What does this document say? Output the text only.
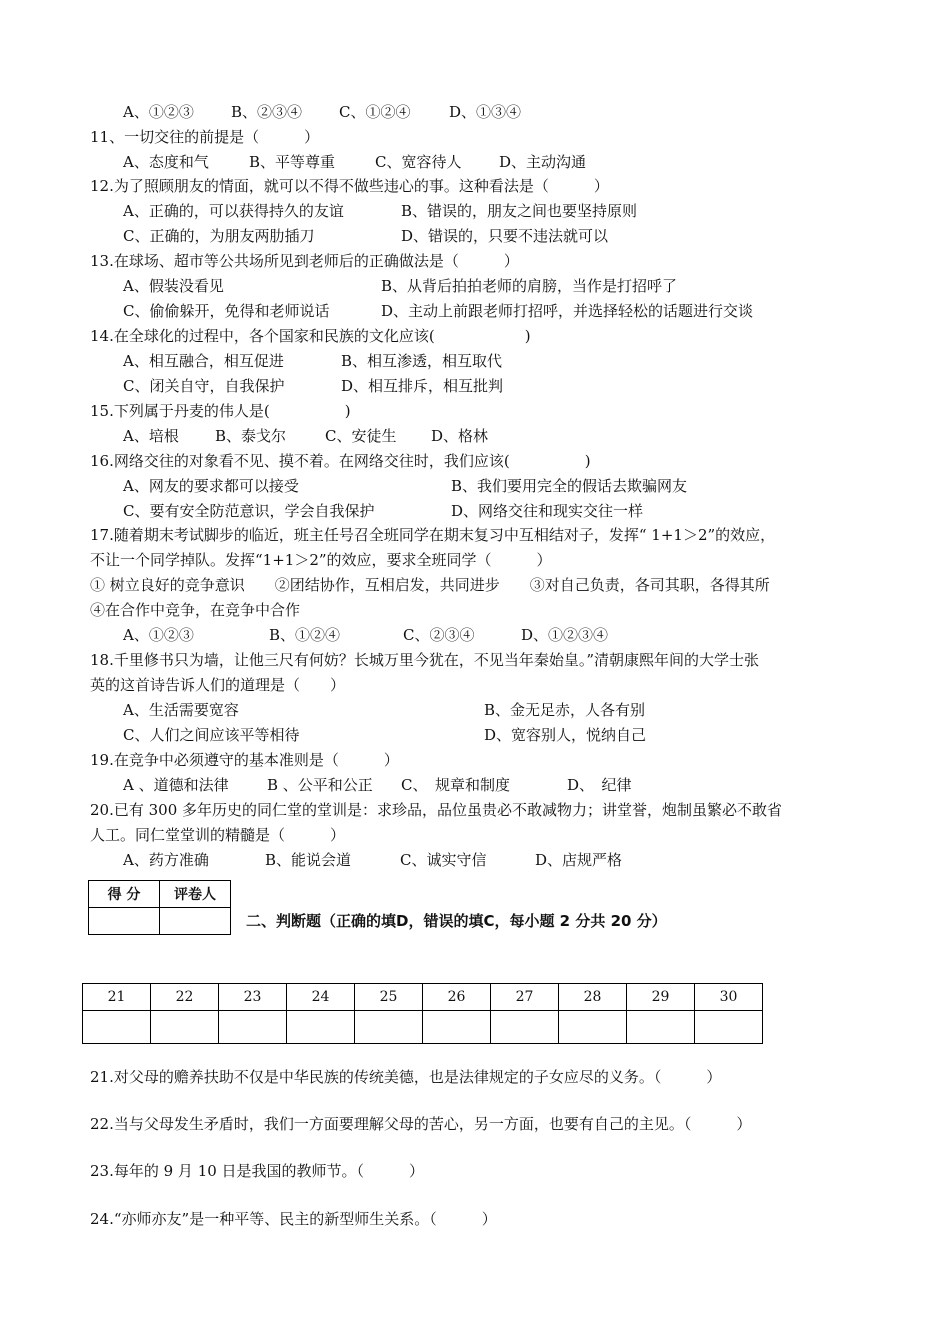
A、①②③ B、②③④ C、①②④	D、①③④
11、一切交往的前提是（　　　）
A、态度和气	B、平等尊重	C、宽容待人	D、主动沟通
12.为了照顾朋友的情面，就可以不得不做些违心的事。这种看法是（　　　）
A、正确的，可以获得持久的友谊	B、错误的，朋友之间也要坚持原则
C、正确的，为朋友两肋插刀	D、错误的，只要不违法就可以
13.在球场、超市等公共场所见到老师后的正确做法是（　　　）
A、假装没看见	B、从背后拍拍老师的肩膀，当作是打招呼了
C、偷偷躲开，免得和老师说话	D、主动上前跟老师打招呼，并选择轻松的话题进行交谈
14.在全球化的过程中，各个国家和民族的文化应该(　　　　　　)
A、相互融合，相互促进	B、相互渗透，相互取代
C、闭关自守，自我保护	D、相互排斥，相互批判
15.下列属于丹麦的伟人是(　　　　　)
A、培根 B、泰戈尔	C、安徒生 D、格林
16.网络交往的对象看不见、摸不着。在网络交往时，我们应该(　　　　　)
A、网友的要求都可以接受	B、我们要用完全的假话去欺骗网友
C、要有安全防范意识，学会自我保护	D、网络交往和现实交往一样
17.随着期末考试脚步的临近，班主任号召全班同学在期末复习中互相结对子，发挥“ 1+1＞2”的效应，
不让一个同学掉队。发挥“1+1＞2”的效应，要求全班同学（　　　）
① 树立良好的竞争意识　　②团结协作，互相启发，共同进步　　③对自己负责，各司其职，各得其所
④在合作中竞争，在竞争中合作
A、①②③	B、①②④	C、②③④	D、①②③④
18.千里修书只为墙，让他三尺有何妨？长城万里今犹在，不见当年秦始皇。”清朝康熙年间的大学士张
英的这首诗告诉人们的道理是（　　）
A、生活需要宽容	B、金无足赤，人各有别
C、人们之间应该平等相待	D、宽容别人，悦纳自己
19.在竞争中必须遵守的基本准则是（　　　）
A 、道德和法律	B 、公平和公正 C、　规章和制度	D、　纪律
20.已有 300 多年历史的同仁堂的堂训是：求珍品，品位虽贵必不敢减物力；讲堂誉，炮制虽繁必不敢省
人工。同仁堂堂训的精髓是（　　　）
A、药方准确	B、能说会道	C、诚实守信	D、店规严格
得 分	评卷人

二、判断题（正确的填D，错误的填C，每小题 2 分共 20 分）
21	22	23	24	25	26	27	28	29	30

21.对父母的赡养扶助不仅是中华民族的传统美德，也是法律规定的子女应尽的义务。（　　　）
22.当与父母发生矛盾时，我们一方面要理解父母的苦心，另一方面，也要有自己的主见。（　　　）
23.每年的 9 月 10 日是我国的教师节。（　　　）
24.“亦师亦友”是一种平等、民主的新型师生关系。（　　　）
